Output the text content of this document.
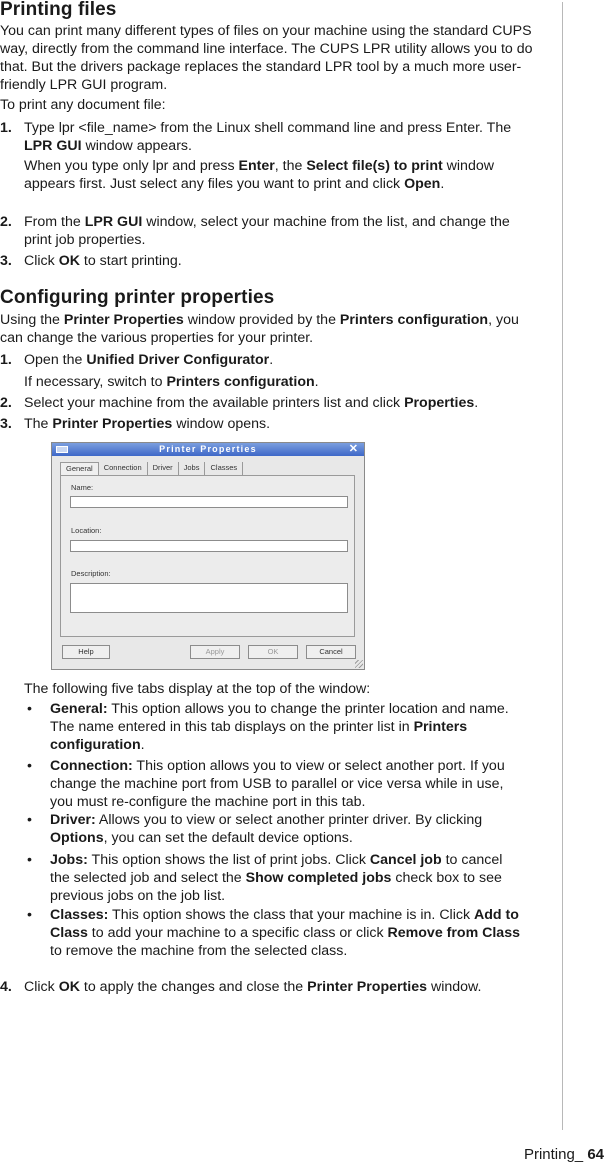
Printing files

You can print many different types of files on your machine using the standard CUPS way, directly from the command line interface. The CUPS LPR utility allows you to do that. But the drivers package replaces the standard LPR tool by a much more user-friendly LPR GUI program.

To print any document file:

1. Type lpr <file_name> from the Linux shell command line and press Enter. The LPR GUI window appears.
When you type only lpr and press Enter, the Select file(s) to print window appears first. Just select any files you want to print and click Open.
2. From the LPR GUI window, select your machine from the list, and change the print job properties.
3. Click OK to start printing.
Configuring printer properties

Using the Printer Properties window provided by the Printers configuration, you can change the various properties for your printer.

1. Open the Unified Driver Configurator.
If necessary, switch to Printers configuration.
2. Select your machine from the available printers list and click Properties.
3. The Printer Properties window opens.

The following five tabs display at the top of the window:

• General: This option allows you to change the printer location and name. The name entered in this tab displays on the printer list in Printers configuration.
• Connection: This option allows you to view or select another port. If you change the machine port from USB to parallel or vice versa while in use, you must re-configure the machine port in this tab.
• Driver: Allows you to view or select another printer driver. By clicking Options, you can set the default device options.
• Jobs: This option shows the list of print jobs. Click Cancel job to cancel the selected job and select the Show completed jobs check box to see previous jobs on the job list.
• Classes: This option shows the class that your machine is in. Click Add to Class to add your machine to a specific class or click Remove from Class to remove the machine from the selected class.
4. Click OK to apply the changes and close the Printer Properties window.
Printer Properties	✕
General	Connection	Driver	Jobs	Classes
Name:
Location:
Description:
Help	Apply	OK	Cancel
Printing_ 64
